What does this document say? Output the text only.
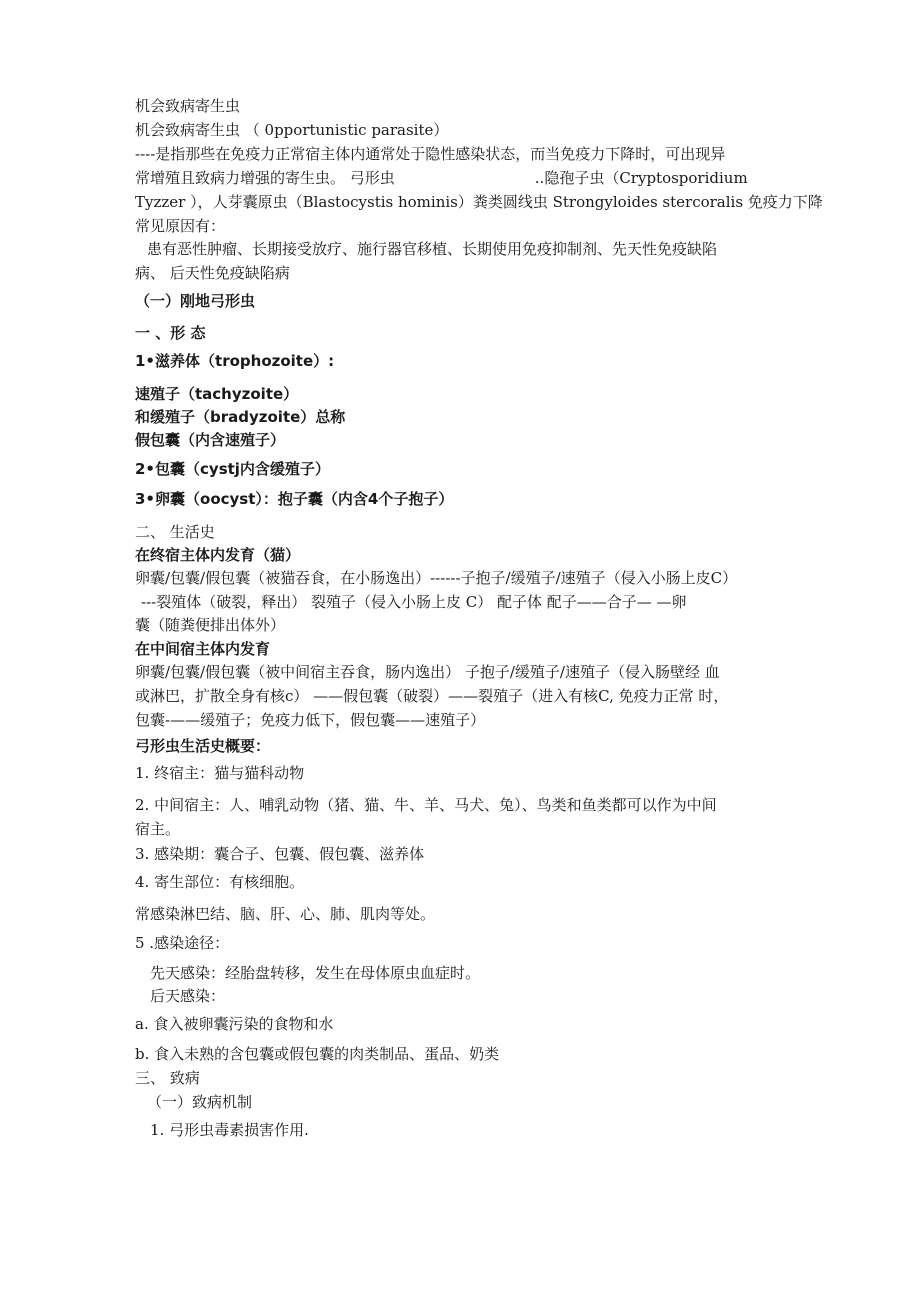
机会致病寄生虫
机会致病寄生虫 （ 0pportunistic parasite）
----是指那些在免疫力正常宿主体内通常处于隐性感染状态，而当免疫力下降时，可出现异
常增殖且致病力增强的寄生虫。 弓形虫	..隐孢子虫（Cryptosporidium
Tyzzer ），人芽囊原虫（Blastocystis hominis）粪类圆线虫 Strongyloides stercoralis 免疫力下降
常见原因有：
患有恶性肿瘤、长期接受放疗、施行器官移植、长期使用免疫抑制剂、先天性免疫缺陷
病、 后天性免疫缺陷病
（一）刚地弓形虫
一 、形 态
1•滋养体（trophozoite）:
速殖子（tachyzoite）
和缓殖子（bradyzoite）总称
假包囊（内含速殖子）
2•包囊（cystj内含缓殖子）
3•卵囊（oocyst）：抱子囊（内含4个子抱子）
二、 生活史
在终宿主体内发育（猫）
卵囊/包囊/假包囊（被猫吞食，在小肠逸出）------子抱子/缓殖子/速殖子（侵入小肠上皮C）
---裂殖体（破裂，释出） 裂殖子（侵入小肠上皮 C） 配子体 配子——合子— —卵
囊（随粪便排出体外）
在中间宿主体内发育
卵囊/包囊/假包囊（被中间宿主吞食，肠内逸出） 子抱子/缓殖子/速殖子（侵入肠壁经 血
或淋巴，扩散全身有核c） ——假包囊（破裂）——裂殖子（进入有核C, 免疫力正常 时，
包囊-——缓殖子；免疫力低下，假包囊——速殖子）
弓形虫生活史概要：
1. 终宿主：猫与猫科动物
2. 中间宿主：人、哺乳动物（猪、猫、牛、羊、马犬、兔）、鸟类和鱼类都可以作为中间
宿主。
3. 感染期：囊合子、包囊、假包囊、滋养体
4. 寄生部位：有核细胞。
常感染淋巴结、脑、肝、心、肺、肌肉等处。
5 .感染途径：
先天感染：经胎盘转移，发生在母体原虫血症时。
后天感染：
a. 食入被卵囊污染的食物和水
b. 食入未熟的含包囊或假包囊的肉类制品、蛋品、奶类
三、 致病
（一）致病机制
1. 弓形虫毒素损害作用.
